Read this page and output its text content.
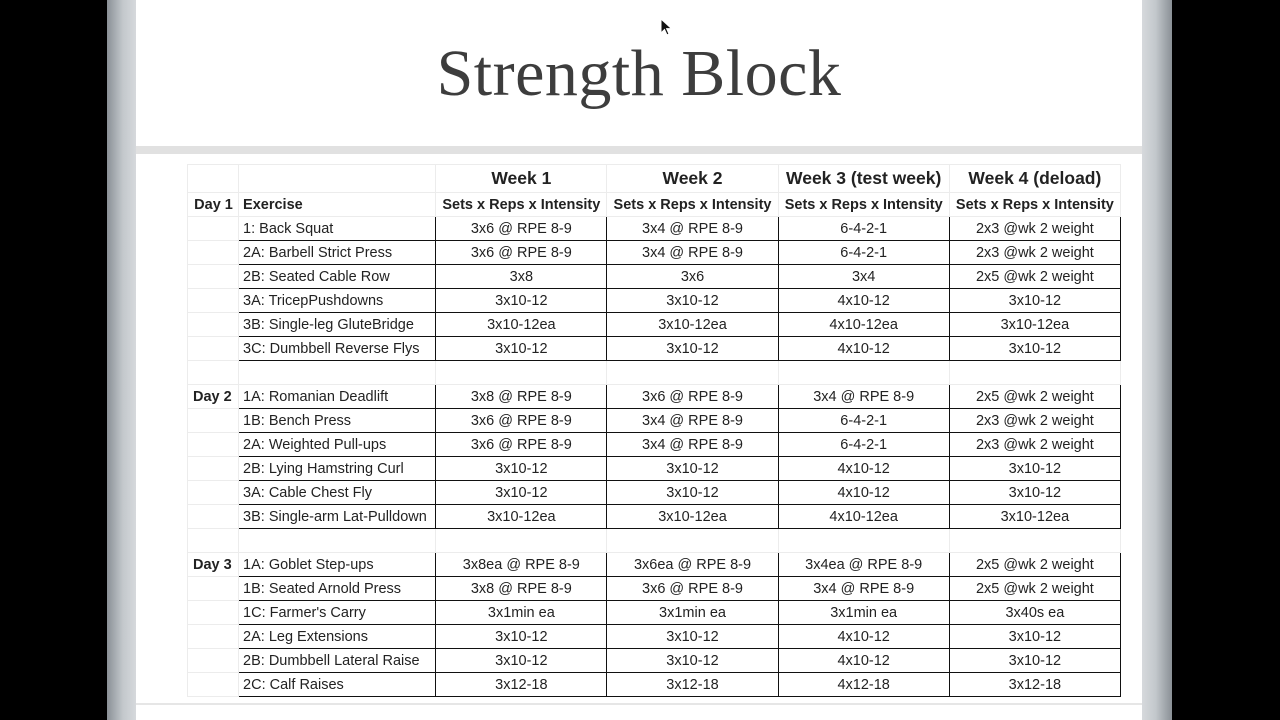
Strength Block
		Week 1	Week 2	Week 3 (test week)	Week 4 (deload)
Day 1	Exercise	Sets x Reps x Intensity	Sets x Reps x Intensity	Sets x Reps x Intensity	Sets x Reps x Intensity
	1: Back Squat	3x6 @ RPE 8-9	3x4 @ RPE 8-9	6-4-2-1	2x3 @wk 2 weight
	2A: Barbell Strict Press	3x6 @ RPE 8-9	3x4 @ RPE 8-9	6-4-2-1	2x3 @wk 2 weight
	2B: Seated Cable Row	3x8	3x6	3x4	2x5 @wk 2 weight
	3A: TricepPushdowns	3x10-12	3x10-12	4x10-12	3x10-12
	3B: Single-leg GluteBridge	3x10-12ea	3x10-12ea	4x10-12ea	3x10-12ea
	3C: Dumbbell Reverse Flys	3x10-12	3x10-12	4x10-12	3x10-12

Day 2	1A: Romanian Deadlift	3x8 @ RPE 8-9	3x6 @ RPE 8-9	3x4 @ RPE 8-9	2x5 @wk 2 weight
	1B: Bench Press	3x6 @ RPE 8-9	3x4 @ RPE 8-9	6-4-2-1	2x3 @wk 2 weight
	2A: Weighted Pull-ups	3x6 @ RPE 8-9	3x4 @ RPE 8-9	6-4-2-1	2x3 @wk 2 weight
	2B: Lying Hamstring Curl	3x10-12	3x10-12	4x10-12	3x10-12
	3A: Cable Chest Fly	3x10-12	3x10-12	4x10-12	3x10-12
	3B: Single-arm Lat-Pulldown	3x10-12ea	3x10-12ea	4x10-12ea	3x10-12ea

Day 3	1A: Goblet Step-ups	3x8ea @ RPE 8-9	3x6ea @ RPE 8-9	3x4ea @ RPE 8-9	2x5 @wk 2 weight
	1B: Seated Arnold Press	3x8 @ RPE 8-9	3x6 @ RPE 8-9	3x4 @ RPE 8-9	2x5 @wk 2 weight
	1C: Farmer's Carry	3x1min ea	3x1min ea	3x1min ea	3x40s ea
	2A: Leg Extensions	3x10-12	3x10-12	4x10-12	3x10-12
	2B: Dumbbell Lateral Raise	3x10-12	3x10-12	4x10-12	3x10-12
	2C: Calf Raises	3x12-18	3x12-18	4x12-18	3x12-18
